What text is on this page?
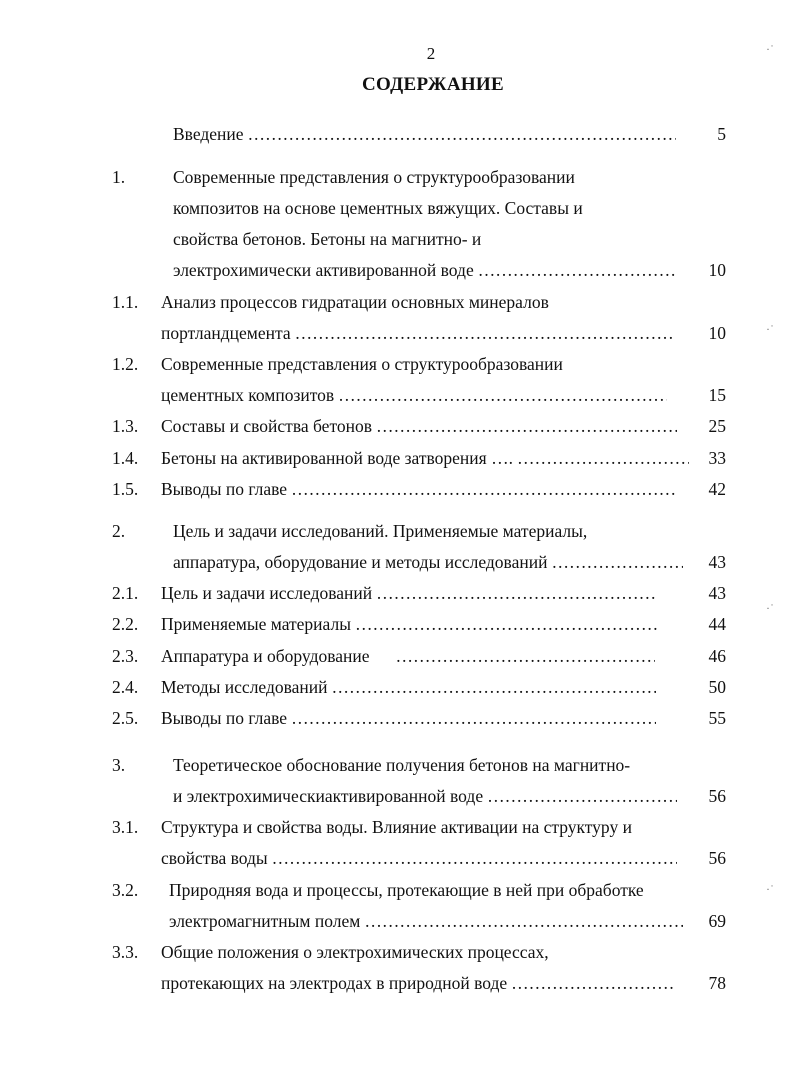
2
СОДЕРЖАНИЕ
Введение ……………………………………………………………………………………………………………………………………………	5
1.	Современные представления о структурообразовании
композитов на основе цементных вяжущих. Составы и
свойства бетонов. Бетоны на магнитно- и
электрохимически активированной воде ……………………………………………………………………………………………………………………………………………	10
1.1. Анализ процессов гидратации основных минералов
портландцемента ……………………………………………………………………………………………………………………………………………	10
1.2. Современные представления о структурообразовании
цементных композитов ……………………………………………………………………………………………………………………………………………	15
1.3. Составы и свойства бетонов ……………………………………………………………………………………………………………………………………………	25
1.4. Бетоны на активированной воде затворения …. ……………………………………………………………………………………………………………………………………………	33
1.5. Выводы по главе ……………………………………………………………………………………………………………………………………………	42
2.	Цель и задачи исследований. Применяемые материалы,
аппаратура, оборудование и методы исследований ……………………………………………………………………………………………………………………………………………	43
2.1. Цель и задачи исследований ……………………………………………………………………………………………………………………………………………	43
2.2. Применяемые материалы ……………………………………………………………………………………………………………………………………………	44
2.3. Аппаратура и оборудование ……………………………………………………………………………………………………………………………………………	46
2.4. Методы исследований ……………………………………………………………………………………………………………………………………………	50
2.5. Выводы по главе ……………………………………………………………………………………………………………………………………………	55
3.	Теоретическое обоснование получения бетонов на магнитно-
и электрохимическиактивированной воде ……………………………………………………………………………………………………………………………………………	56
3.1. Структура и свойства воды. Влияние активации на структуру и
свойства воды ……………………………………………………………………………………………………………………………………………	56
3.2. Природняя вода и процессы, протекающие в ней при обработке
электромагнитным полем ……………………………………………………………………………………………………………………………………………	69
3.3. Общие положения о электрохимических процессах,
протекающих на электродах в природной воде ……………………………………………………………………………………………………………………………………………	78
·˙
·˙
·˙
·˙
